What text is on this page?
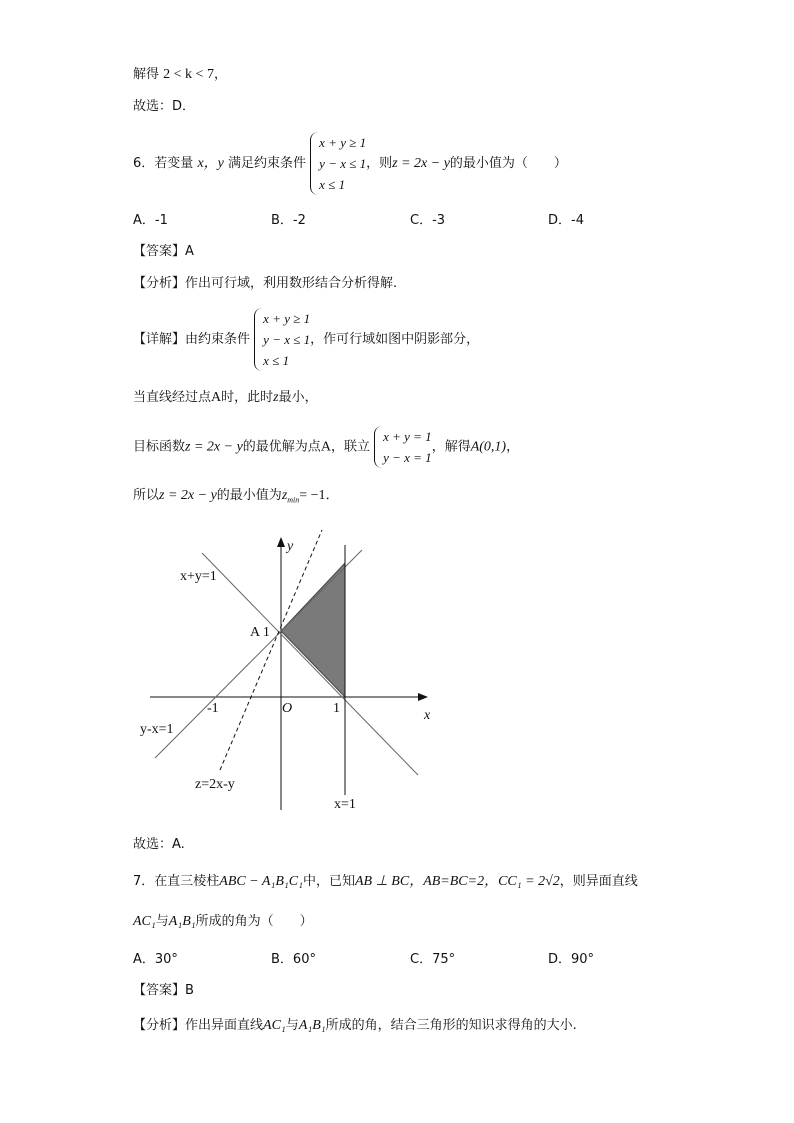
解得 2 < k < 7，
故选：D．
6．若变量 x，y 满足约束条件
x + y ≥ 1
y − x ≤ 1
x ≤ 1
，则z = 2x − y的最小值为（　　）
A．-1	B．-2	C．-3	D．-4
【答案】A
【分析】作出可行域，利用数形结合分析得解.
【详解】由约束条件
x + y ≥ 1
y − x ≤ 1
x ≤ 1
，作可行域如图中阴影部分，
当直线经过点A时，此时z最小，
目标函数z = 2x − y的最优解为点A，联立
x + y = 1
y − x = 1
，解得A(0,1)，
所以z = 2x − y的最小值为$z_{min}= -1$．
y
x
O
x+y=1
y-x=1
z=2x-y
x=1
-1	1
A 1
故选：A.
7．在直三棱柱ABC − A₁B₁C₁中，已知AB ⊥ BC，AB=BC=2，CC₁ = 2√2，则异面直线
AC₁与A₁B₁所成的角为（　　）
A．30°	B．60°	C．75°	D．90°
【答案】B
【分析】作出异面直线AC₁与A₁B₁所成的角，结合三角形的知识求得角的大小.
